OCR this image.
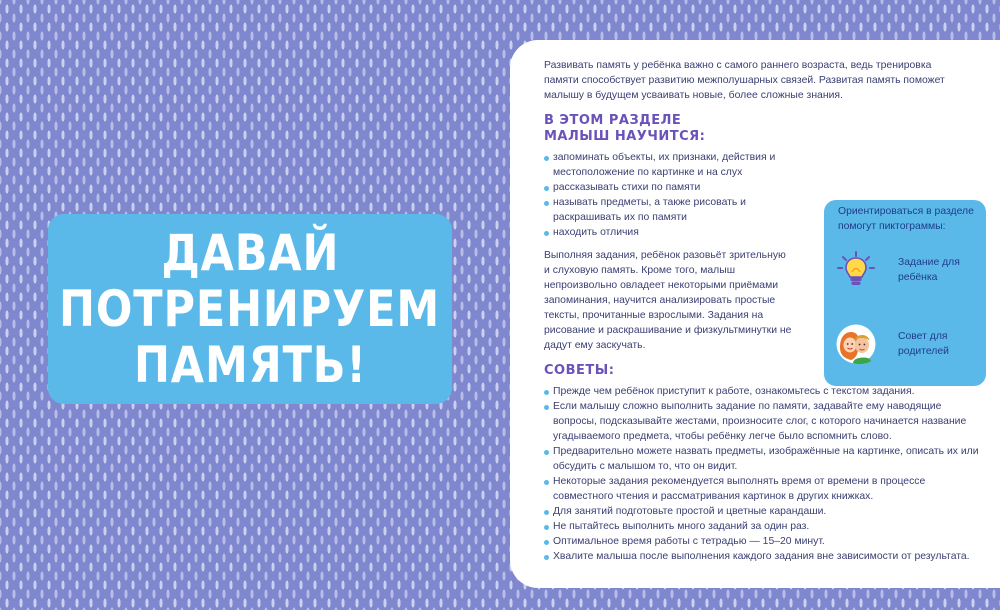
ДАВАЙ
ПОТРЕНИРУЕМ
ПАМЯТЬ!

Развивать память у ребёнка важно с самого раннего возраста, ведь тренировка памяти способствует развитию межполушарных связей. Развитая память поможет малышу в будущем усваивать новые, более сложные знания.

В ЭТОМ РАЗДЕЛЕ
МАЛЫШ НАУЧИТСЯ:
запоминать объекты, их признаки, действия и местоположение по картинке и на слух
рассказывать стихи по памяти
называть предметы, а также рисовать и раскрашивать их по памяти
находить отличия

Выполняя задания, ребёнок разовьёт зрительную и слуховую память. Кроме того, малыш непроизвольно овладеет некоторыми приёмами запоминания, научится анализировать простые тексты, прочитанные взрослыми. Задания на рисование и раскрашивание и физкультминутки не дадут ему заскучать.

СОВЕТЫ:
Прежде чем ребёнок приступит к работе, ознакомьтесь с текстом задания.
Если малышу сложно выполнить задание по памяти, задавайте ему наводящие вопросы, подсказывайте жестами, произносите слог, с которого начинается название угадываемого предмета, чтобы ребёнку легче было вспомнить слово.
Предварительно можете назвать предметы, изображённые на картинке, описать их или обсудить с малышом то, что он видит.
Некоторые задания рекомендуется выполнять время от времени в процессе совместного чтения и рассматривания картинок в других книжках.
Для занятий подготовьте простой и цветные карандаши.
Не пытайтесь выполнить много заданий за один раз.
Оптимальное время работы с тетрадью — 15–20 минут.
Хвалите малыша после выполнения каждого задания вне зависимости от результата.

Ориентироваться в разделе помогут пиктограммы:

Задание для ребёнка
Совет для родителей
